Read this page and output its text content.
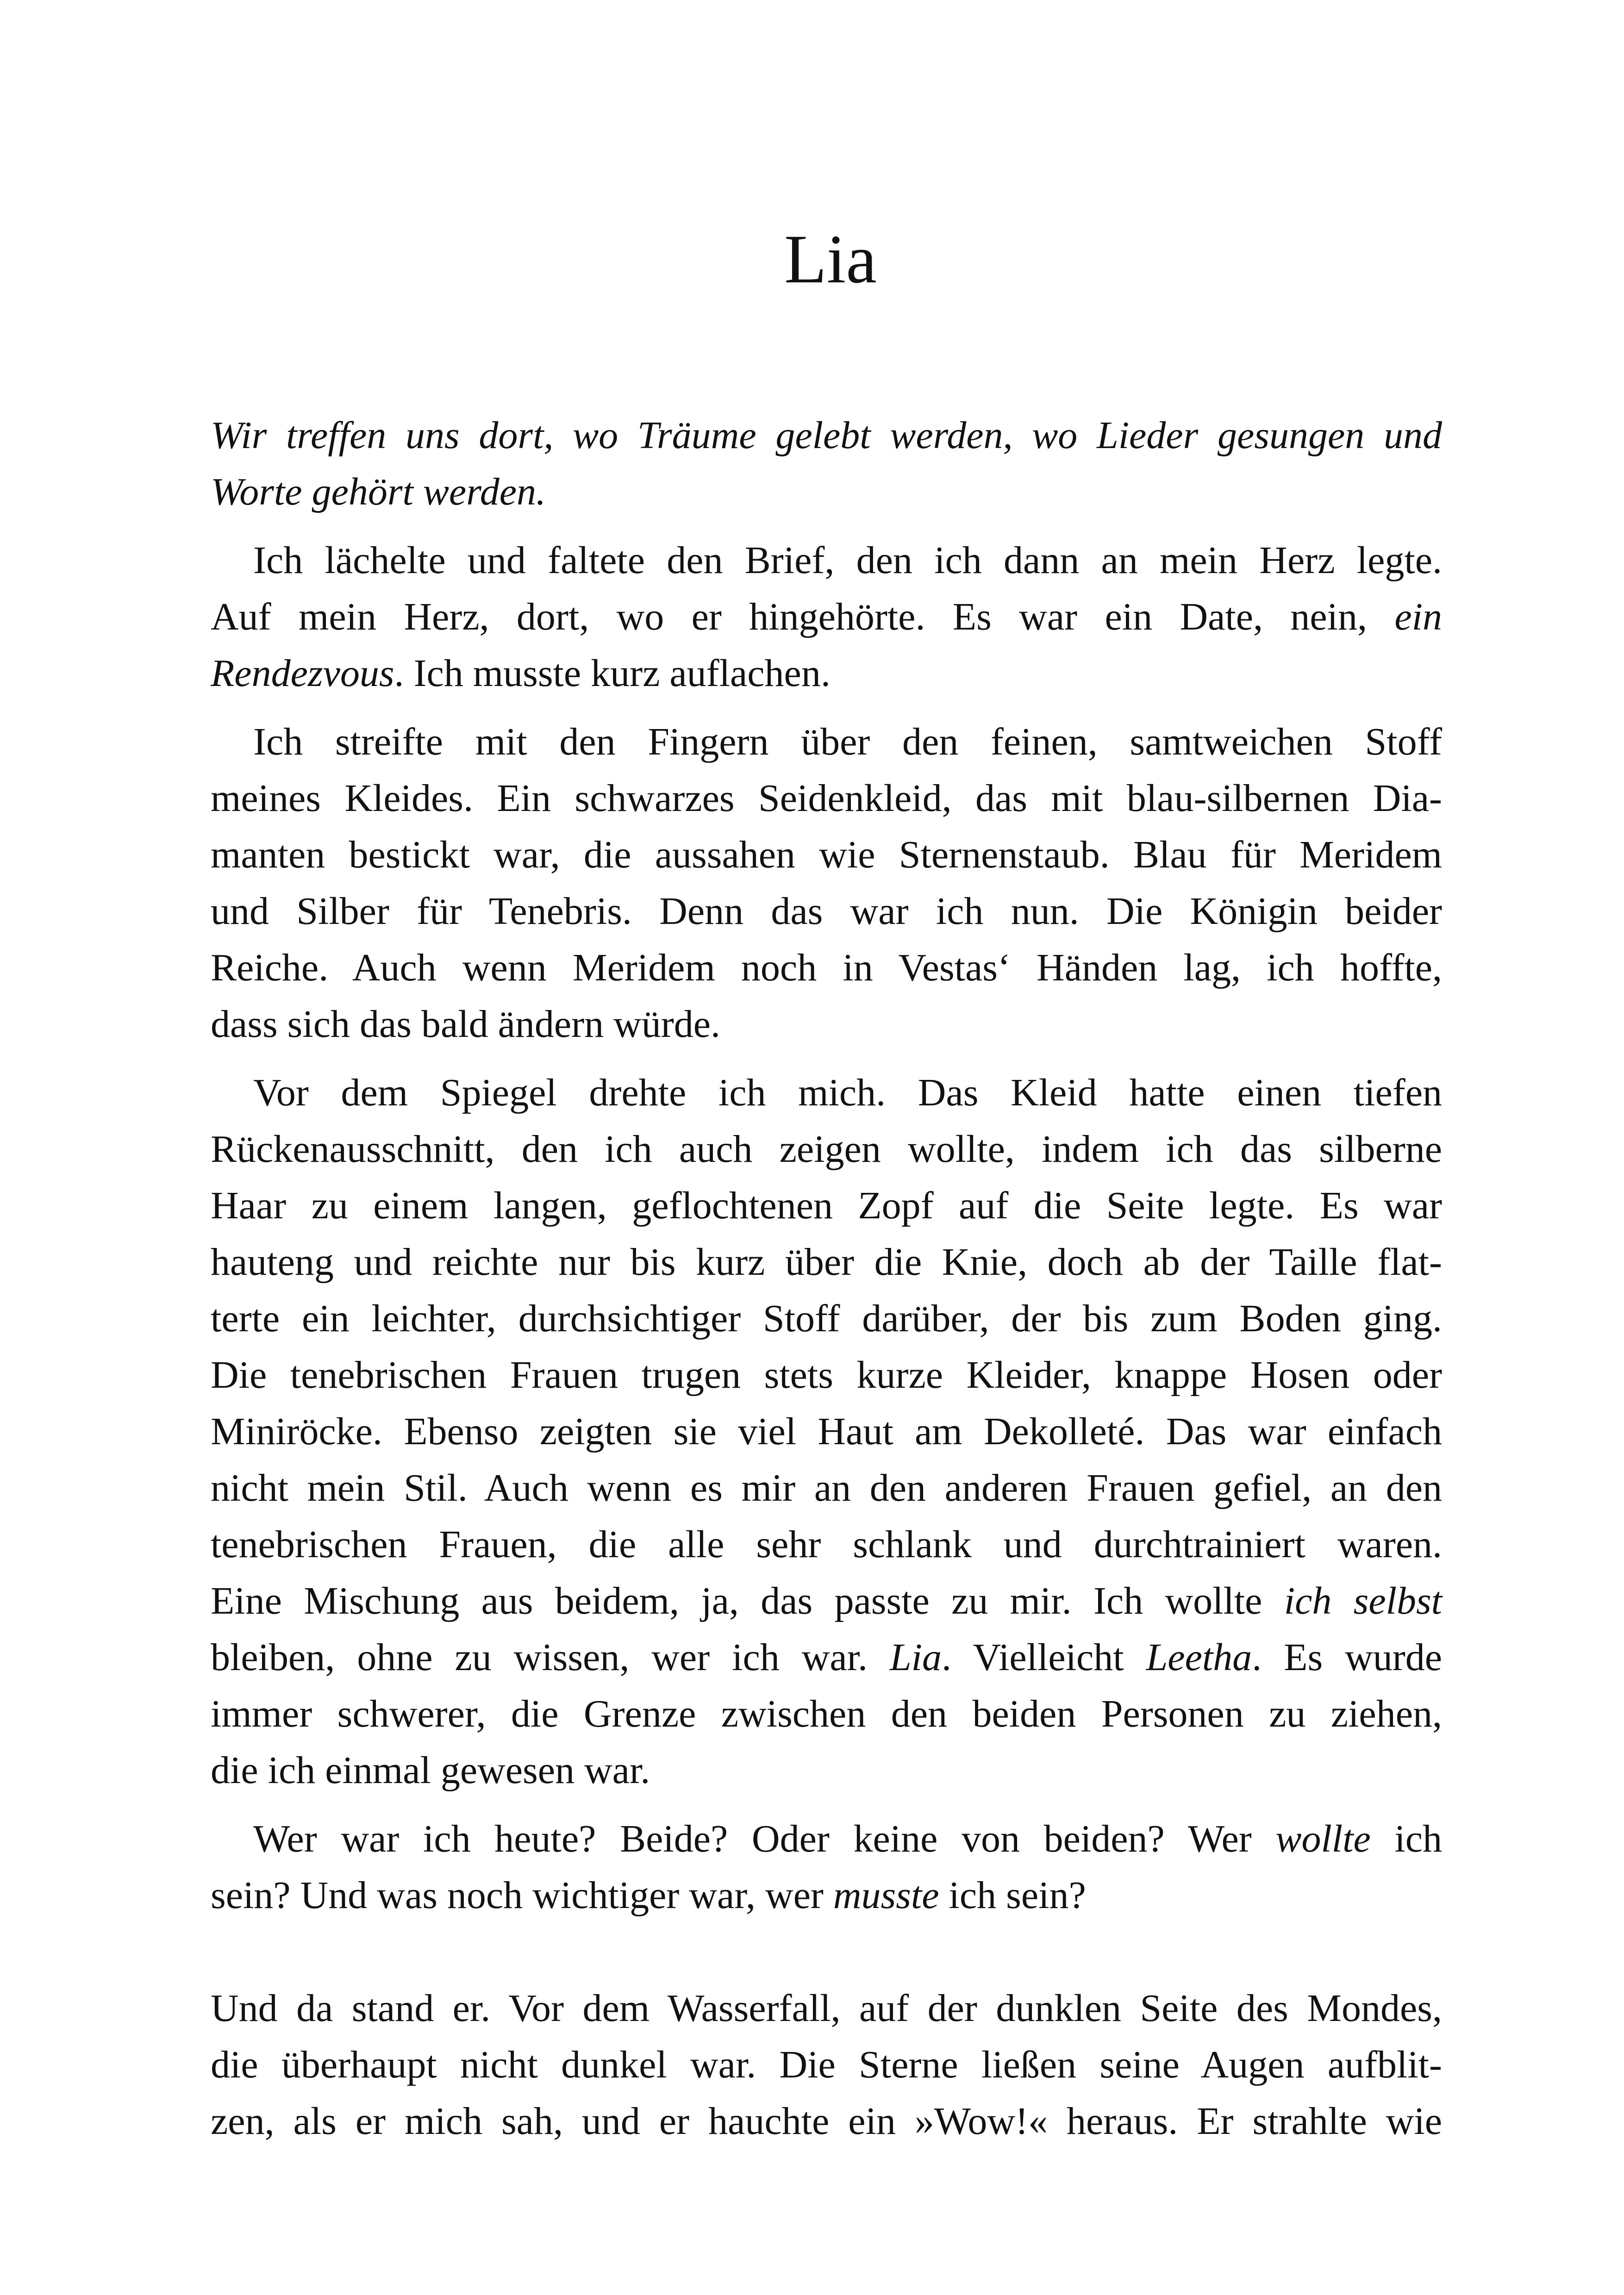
Lia

Wir treffen uns dort, wo Träume gelebt werden, wo Lieder gesungen und
Worte gehört werden.

Ich lächelte und faltete den Brief, den ich dann an mein Herz legte.
Auf mein Herz, dort, wo er hingehörte. Es war ein Date, nein, ein
Rendezvous. Ich musste kurz auflachen.

Ich streifte mit den Fingern über den feinen, samtweichen Stoff
meines Kleides. Ein schwarzes Seidenkleid, das mit blau-silbernen Dia-
manten bestickt war, die aussahen wie Sternenstaub. Blau für Meridem
und Silber für Tenebris. Denn das war ich nun. Die Königin beider
Reiche. Auch wenn Meridem noch in Vestas‘ Händen lag, ich hoffte,
dass sich das bald ändern würde.

Vor dem Spiegel drehte ich mich. Das Kleid hatte einen tiefen
Rückenausschnitt, den ich auch zeigen wollte, indem ich das silberne
Haar zu einem langen, geflochtenen Zopf auf die Seite legte. Es war
hauteng und reichte nur bis kurz über die Knie, doch ab der Taille flat-
terte ein leichter, durchsichtiger Stoff darüber, der bis zum Boden ging.
Die tenebrischen Frauen trugen stets kurze Kleider, knappe Hosen oder
Miniröcke. Ebenso zeigten sie viel Haut am Dekolleté. Das war einfach
nicht mein Stil. Auch wenn es mir an den anderen Frauen gefiel, an den
tenebrischen Frauen, die alle sehr schlank und durchtrainiert waren.
Eine Mischung aus beidem, ja, das passte zu mir. Ich wollte ich selbst
bleiben, ohne zu wissen, wer ich war. Lia. Vielleicht Leetha. Es wurde
immer schwerer, die Grenze zwischen den beiden Personen zu ziehen,
die ich einmal gewesen war.

Wer war ich heute? Beide? Oder keine von beiden? Wer wollte ich
sein? Und was noch wichtiger war, wer musste ich sein?

Und da stand er. Vor dem Wasserfall, auf der dunklen Seite des Mondes,
die überhaupt nicht dunkel war. Die Sterne ließen seine Augen aufblit-
zen, als er mich sah, und er hauchte ein »Wow!« heraus. Er strahlte wie
